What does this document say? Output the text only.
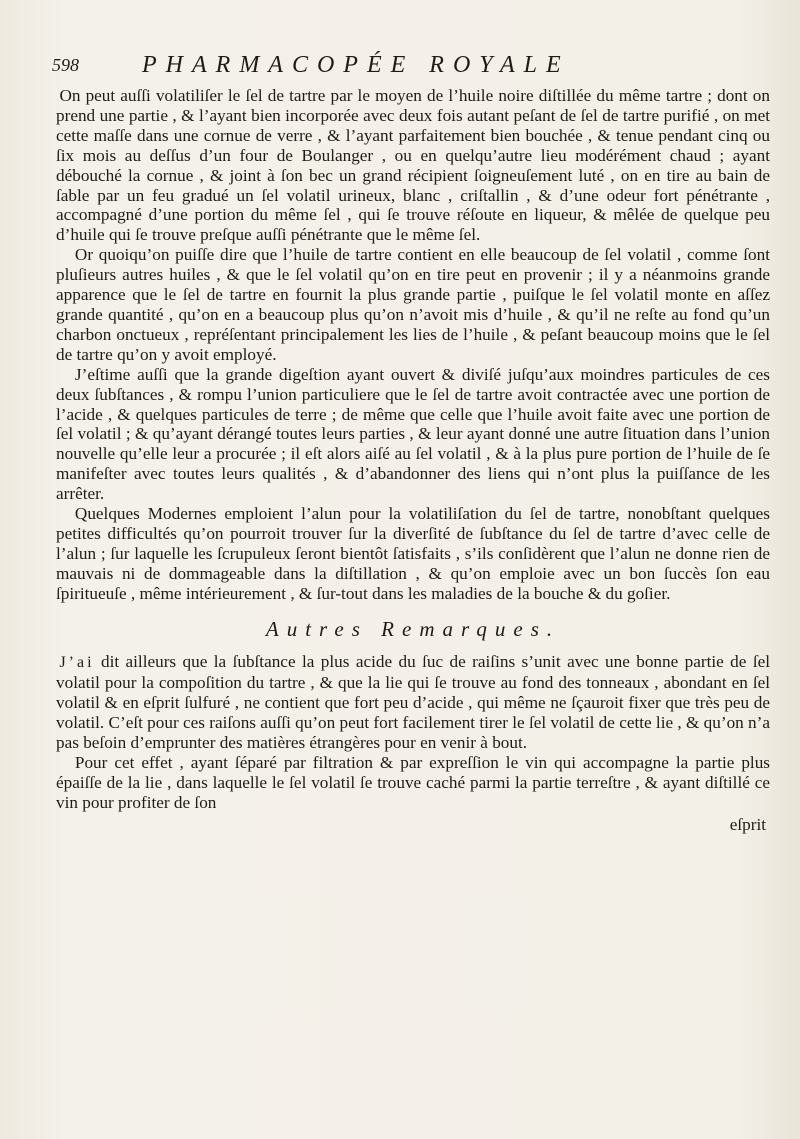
598	PHARMACOPÉE ROYALE

On peut auſſi volatiliſer le ſel de tartre par le moyen de l’huile noire diſtillée du même tartre ; dont on prend une partie , & l’ayant bien incorporée avec deux fois autant peſant de ſel de tartre purifié , on met cette maſſe dans une cornue de verre , & l’ayant parfaitement bien bouchée , & tenue pendant cinq ou ſix mois au deſſus d’un four de Boulanger , ou en quelqu’autre lieu modérément chaud ; ayant débouché la cornue , & joint à ſon bec un grand récipient ſoigneuſement luté , on en tire au bain de ſable par un feu gradué un ſel volatil urineux, blanc , criſtallin , & d’une odeur fort pénétrante , accompagné d’une portion du même ſel , qui ſe trouve réſoute en liqueur, & mêlée de quelque peu d’huile qui ſe trouve preſque auſſi pénétrante que le même ſel.

Or quoiqu’on puiſſe dire que l’huile de tartre contient en elle beaucoup de ſel volatil , comme ſont pluſieurs autres huiles , & que le ſel volatil qu’on en tire peut en provenir ; il y a néanmoins grande apparence que le ſel de tartre en fournit la plus grande partie , puiſque le ſel volatil monte en aſſez grande quantité , qu’on en a beaucoup plus qu’on n’avoit mis d’huile , & qu’il ne reſte au fond qu’un charbon onctueux , repréſentant principalement les lies de l’huile , & peſant beaucoup moins que le ſel de tartre qu’on y avoit employé.

J’eſtime auſſi que la grande digeſtion ayant ouvert & diviſé juſqu’aux moindres particules de ces deux ſubſtances , & rompu l’union particuliere que le ſel de tartre avoit contractée avec une portion de l’acide , & quelques particules de terre ; de même que celle que l’huile avoit faite avec une portion de ſel volatil ; & qu’ayant dérangé toutes leurs parties , & leur ayant donné une autre ſituation dans l’union nouvelle qu’elle leur a procurée ; il eſt alors aiſé au ſel volatil , & à la plus pure portion de l’huile de ſe manifeſter avec toutes leurs qualités , & d’abandonner des liens qui n’ont plus la puiſſance de les arrêter.

Quelques Modernes emploient l’alun pour la volatiliſation du ſel de tartre, nonobſtant quelques petites difficultés qu’on pourroit trouver ſur la diverſité de ſubſtance du ſel de tartre d’avec celle de l’alun ; ſur laquelle les ſcrupuleux ſeront bientôt ſatisfaits , s’ils conſidèrent que l’alun ne donne rien de mauvais ni de dommageable dans la diſtillation , & qu’on emploie avec un bon ſuccès ſon eau ſpiritueuſe , même intérieurement , & ſur-tout dans les maladies de la bouche & du goſier.

Autres Remarques.

J’ai dit ailleurs que la ſubſtance la plus acide du ſuc de raiſins s’unit avec une bonne partie de ſel volatil pour la compoſition du tartre , & que la lie qui ſe trouve au fond des tonneaux , abondant en ſel volatil & en eſprit ſulfuré , ne contient que fort peu d’acide , qui même ne ſçauroit fixer que très peu de volatil. C’eſt pour ces raiſons auſſi qu’on peut fort facilement tirer le ſel volatil de cette lie , & qu’on n’a pas beſoin d’emprunter des matières étrangères pour en venir à bout.

Pour cet effet , ayant ſéparé par filtration & par expreſſion le vin qui accompagne la partie plus épaiſſe de la lie , dans laquelle le ſel volatil ſe trouve caché parmi la partie terreſtre , & ayant diſtillé ce vin pour profiter de ſon

eſprit
